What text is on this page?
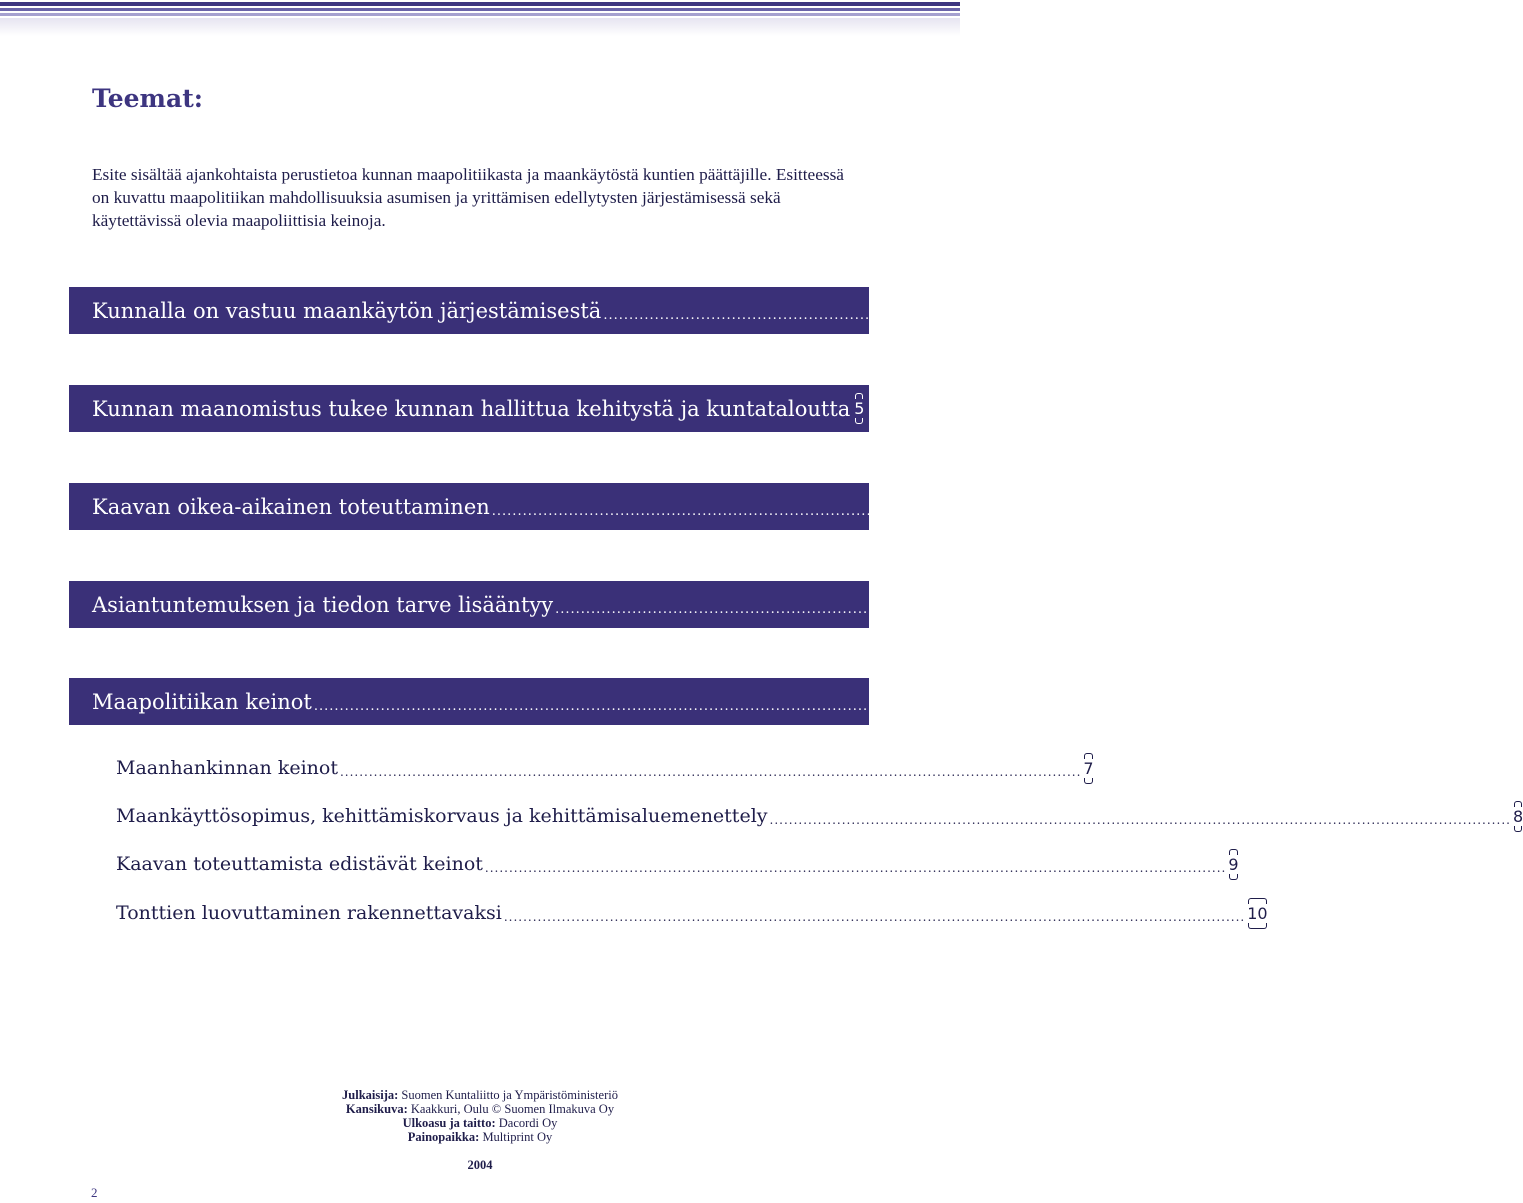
Teemat:

Esite sisältää ajankohtaista perustietoa kunnan maapolitiikasta ja maankäytöstä kuntien päättäjille. Esitteessä on kuvattu maapolitiikan mahdollisuuksia asumisen ja yrittämisen edellytysten järjestämisessä sekä käytettävissä olevia maapoliittisia keinoja.

Kunnalla on vastuu maankäytön järjestämisestä .......................................................................................................................................................... 3
Kunnan maanomistus tukee kunnan hallittua kehitystä ja kuntataloutta 5
Kaavan oikea-aikainen toteuttaminen .......................................................................................................................................................... 5
Asiantuntemuksen ja tiedon tarve lisääntyy .......................................................................................................................................................... 6
Maapolitiikan keinot .......................................................................................................................................................... 7
Maanhankinnan keinot .......................................................................................................................................................... 7
Maankäyttösopimus, kehittämiskorvaus ja kehittämisaluemenettely .......................................................................................................................................................... 8
Kaavan toteuttamista edistävät keinot .......................................................................................................................................................... 9
Tonttien luovuttaminen rakennettavaksi .......................................................................................................................................................... 10
Julkaisija: Suomen Kuntaliitto ja Ympäristöministeriö
Kansikuva: Kaakkuri, Oulu © Suomen Ilmakuva Oy
Ulkoasu ja taitto: Dacordi Oy
Painopaikka: Multiprint Oy
2004
2
